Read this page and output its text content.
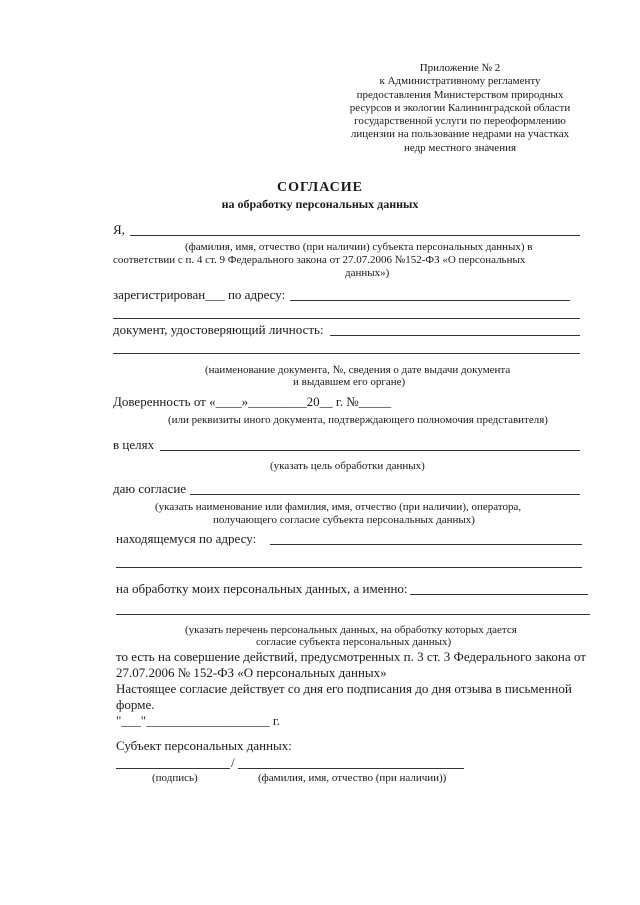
Приложение № 2
к Административному регламенту
предоставления Министерством природных
ресурсов и экологии Калининградской области
государственной услуги по переоформлению
лицензии на пользование недрами на участках
недр местного значения
СОГЛАСИЕ
на обработку персональных данных
Я,
(фамилия, имя, отчество (при наличии) субъекта персональных данных) в
соответствии с п. 4 ст. 9 Федерального закона от 27.07.2006 №152-ФЗ «О персональных
данных»)
зарегистрирован___ по адресу:
документ, удостоверяющий личность:
(наименование документа, №, сведения о дате выдачи документа
и выдавшем его органе)
Доверенность от «____»_________20__ г. №_____
(или реквизиты иного документа, подтверждающего полномочия представителя)
в целях
(указать цель обработки данных)
даю согласие
(указать наименование или фамилия, имя, отчество (при наличии), оператора,
получающего согласие субъекта персональных данных)
находящемуся по адресу:
на обработку моих персональных данных, а именно:
(указать перечень персональных данных, на обработку которых дается
согласие субъекта персональных данных)
то есть на совершение действий, предусмотренных п. 3 ст. 3 Федерального закона от
27.07.2006 № 152-ФЗ «О персональных данных»
Настоящее согласие действует со дня его подписания до дня отзыва в письменной
форме.
"___"___________________ г.
Субъект персональных данных:
/
(подпись)	(фамилия, имя, отчество (при наличии))
